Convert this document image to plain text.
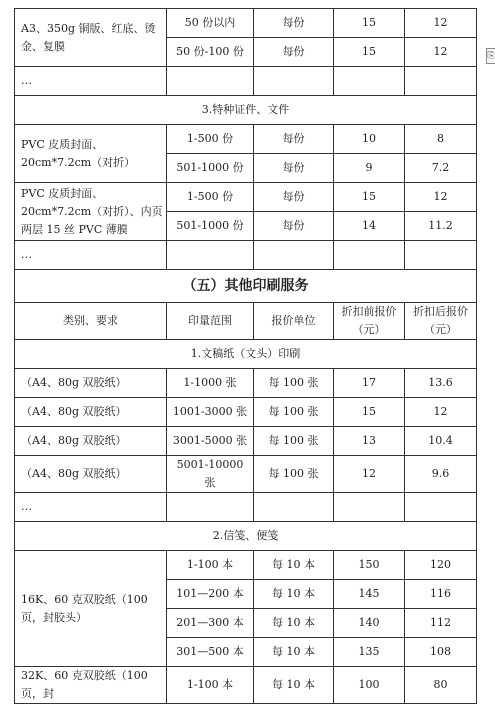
⎘
A3、350g 铜版、红底、烫金、复膜	50 份以内	每份	15	12
	50 份-100 份	每份	15	12
…				
3.特种证件、文件				
PVC 皮质封面、20cm*7.2cm（对折）	1-500 份	每份	10	8
	501-1000 份	每份	9	7.2
PVC 皮质封面、20cm*7.2cm（对折）、内页两层 15 丝 PVC 薄膜	1-500 份	每份	15	12
	501-1000 份	每份	14	11.2
…				
（五）其他印刷服务				
类别、要求	印量范围	报价单位	折扣前报价（元）	折扣后报价（元）
1.文稿纸（文头）印刷				
（A4、80g 双胶纸）	1-1000 张	每 100 张	17	13.6
（A4、80g 双胶纸）	1001-3000 张	每 100 张	15	12
（A4、80g 双胶纸）	3001-5000 张	每 100 张	13	10.4
（A4、80g 双胶纸）	5001-10000 张	每 100 张	12	9.6
…				
2.信笺、便笺				
16K、60 克双胶纸（100 页，封胶头）	1-100 本	每 10 本	150	120
	101—200 本	每 10 本	145	116
	201—300 本	每 10 本	140	112
	301—500 本	每 10 本	135	108
32K、60 克双胶纸（100 页，封	1-100 本	每 10 本	100	80
